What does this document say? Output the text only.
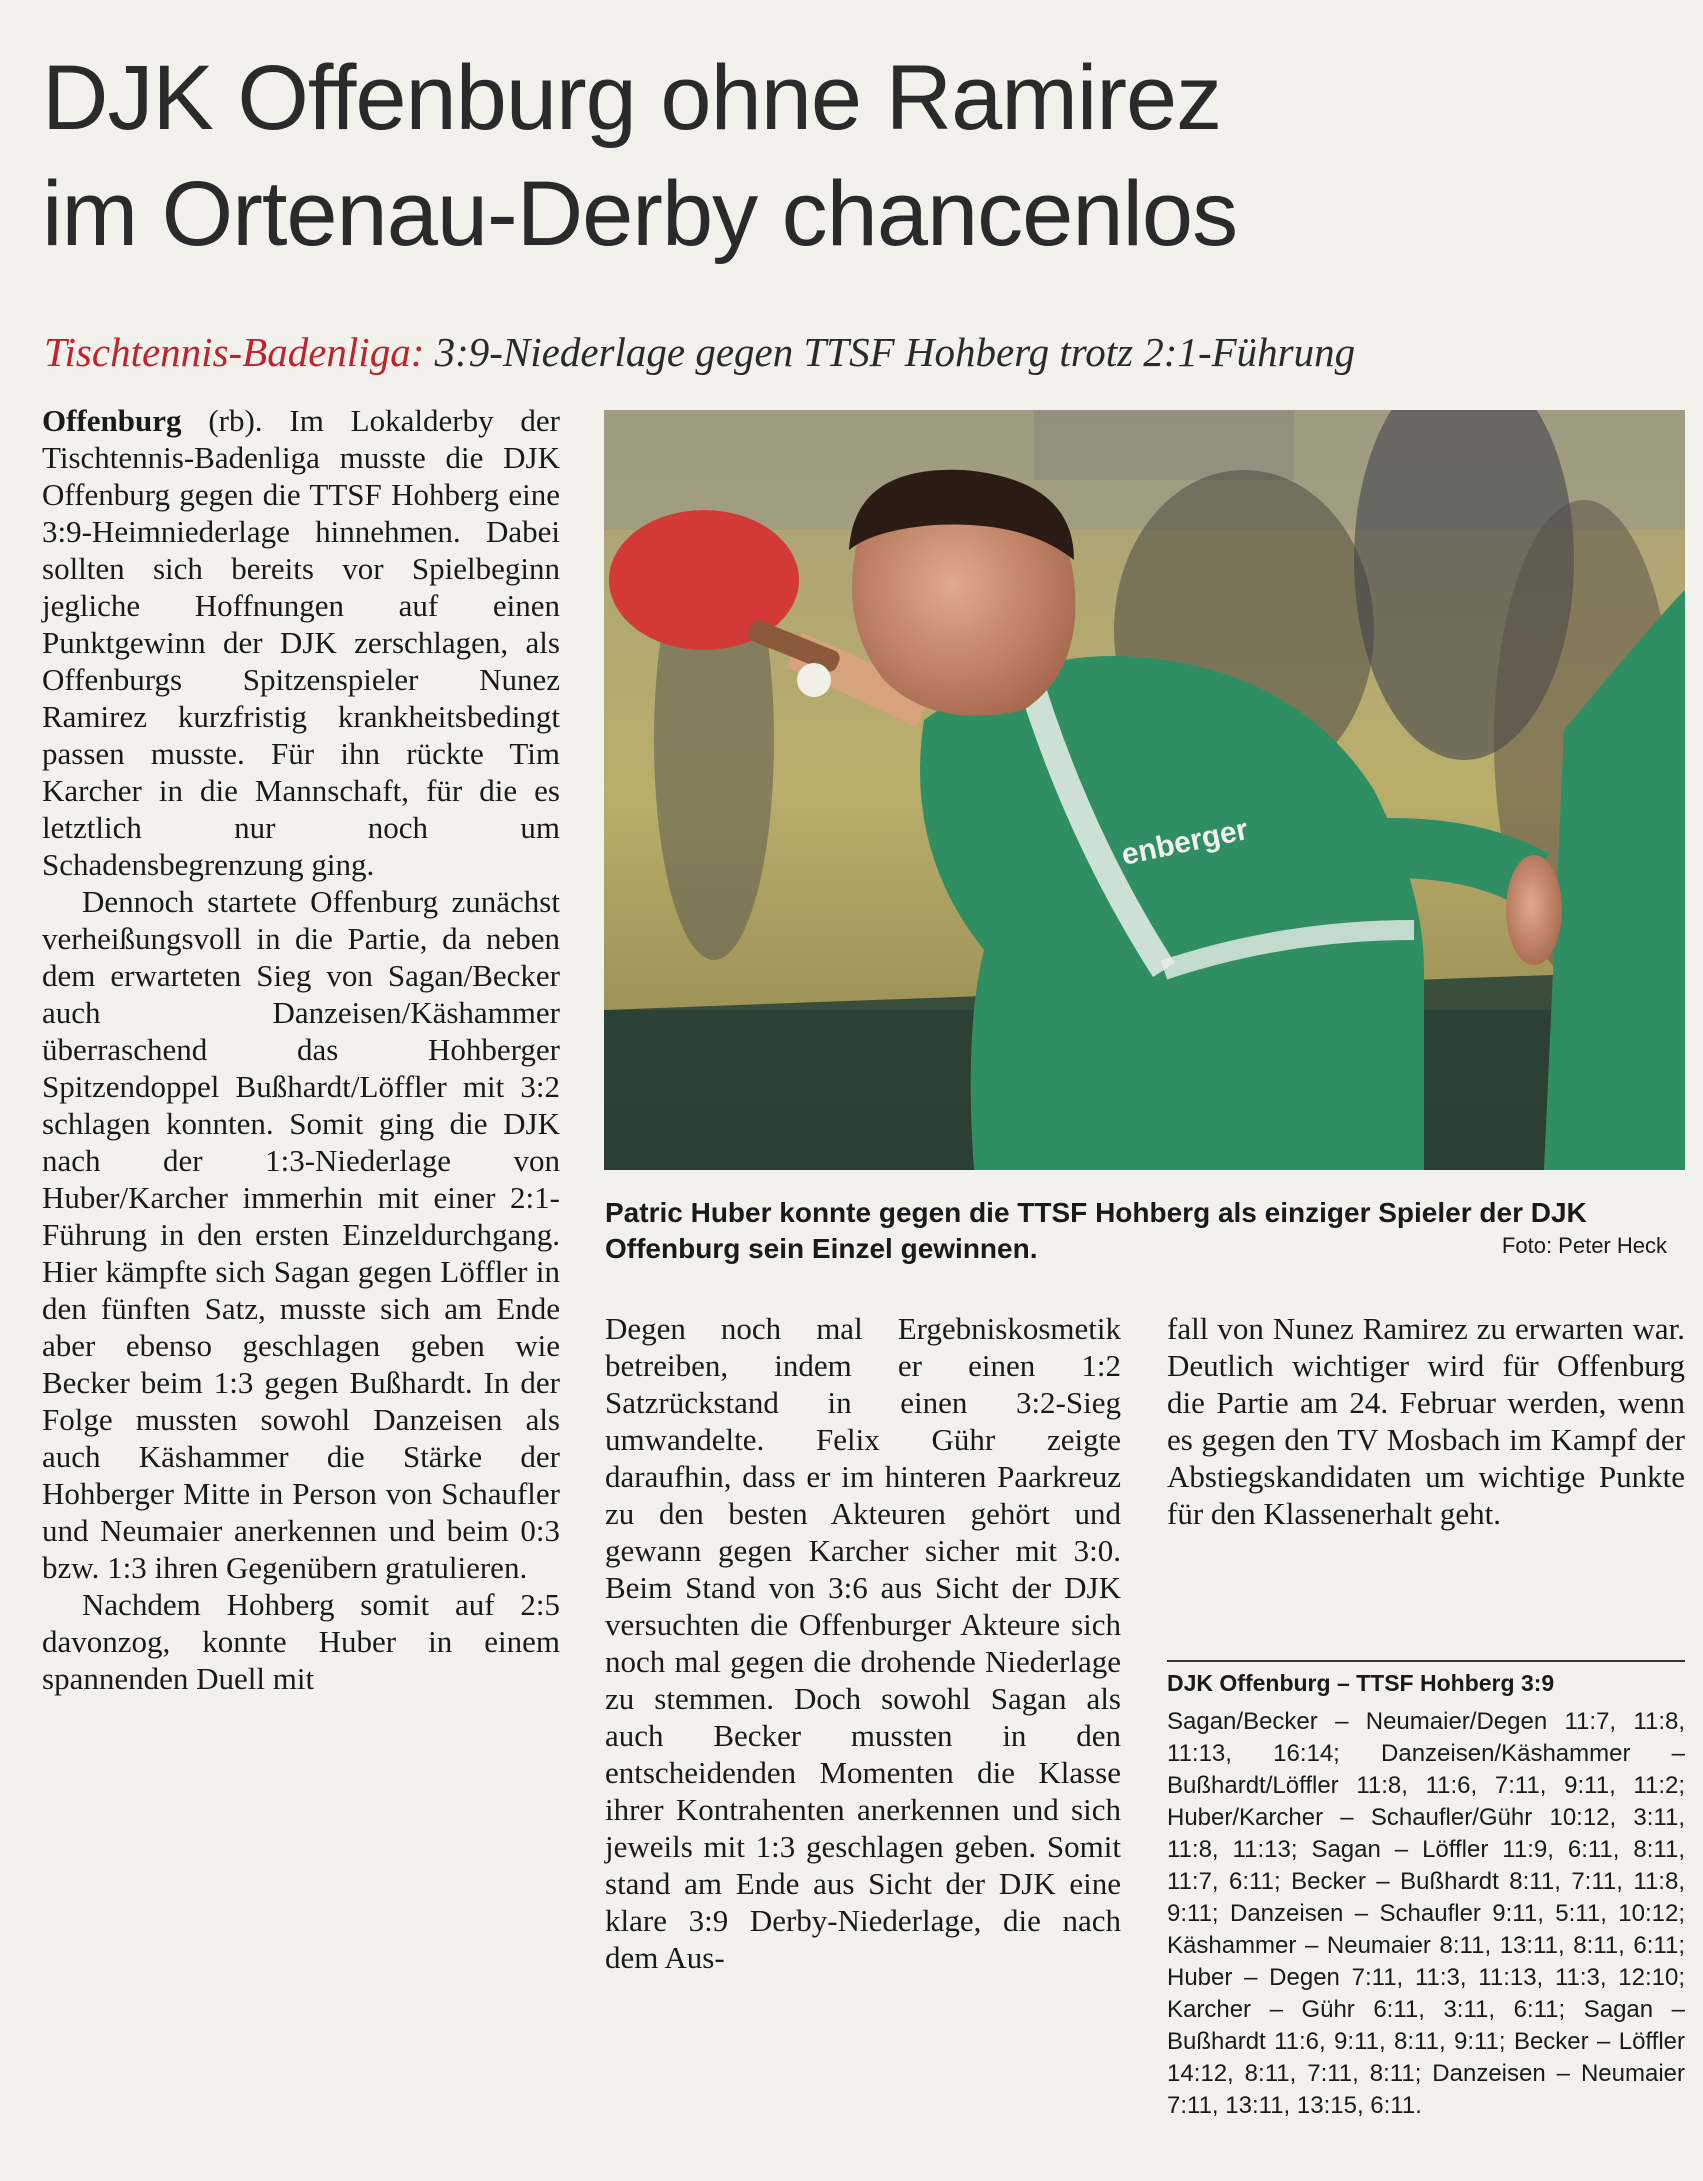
DJK Offenburg ohne Ramirez
im Ortenau-Derby chancenlos
Tischtennis-Badenliga: 3:9-Niederlage gegen TTSF Hohberg trotz 2:1-Führung

Offenburg (rb). Im Lokalderby der Tischtennis-Badenliga musste die DJK Offenburg gegen die TTSF Hohberg eine 3:9-Heimniederlage hinnehmen. Dabei sollten sich bereits vor Spielbeginn jegliche Hoffnungen auf einen Punktgewinn der DJK zerschlagen, als Offenburgs Spitzenspieler Nunez Ramirez kurzfristig krankheitsbedingt passen musste. Für ihn rückte Tim Karcher in die Mannschaft, für die es letztlich nur noch um Schadensbegrenzung ging.

Dennoch startete Offenburg zunächst verheißungsvoll in die Partie, da neben dem erwarteten Sieg von Sagan/Becker auch Danzeisen/Käshammer überraschend das Hohberger Spitzendoppel Bußhardt/Löffler mit 3:2 schlagen konnten. Somit ging die DJK nach der 1:3-Niederlage von Huber/Karcher immerhin mit einer 2:1-Führung in den ersten Einzeldurchgang. Hier kämpfte sich Sagan gegen Löffler in den fünften Satz, musste sich am Ende aber ebenso geschlagen geben wie Becker beim 1:3 gegen Bußhardt. In der Folge mussten sowohl Danzeisen als auch Käshammer die Stärke der Hohberger Mitte in Person von Schaufler und Neumaier anerkennen und beim 0:3 bzw. 1:3 ihren Gegenübern gratulieren.

Nachdem Hohberg somit auf 2:5 davonzog, konnte Huber in einem spannenden Duell mit

enberger
Patric Huber konnte gegen die TTSF Hohberg als einziger Spieler der DJK Offenburg sein Einzel gewinnen.	Foto: Peter Heck

Degen noch mal Ergebniskosmetik betreiben, indem er einen 1:2 Satzrückstand in einen 3:2-Sieg umwandelte. Felix Gühr zeigte daraufhin, dass er im hinteren Paarkreuz zu den besten Akteuren gehört und gewann gegen Karcher sicher mit 3:0. Beim Stand von 3:6 aus Sicht der DJK versuchten die Offenburger Akteure sich noch mal gegen die drohende Niederlage zu stemmen. Doch sowohl Sagan als auch Becker mussten in den entscheidenden Momenten die Klasse ihrer Kontrahenten anerkennen und sich jeweils mit 1:3 geschlagen geben. Somit stand am Ende aus Sicht der DJK eine klare 3:9 Derby-Niederlage, die nach dem Aus-

fall von Nunez Ramirez zu erwarten war. Deutlich wichtiger wird für Offenburg die Partie am 24. Februar werden, wenn es gegen den TV Mosbach im Kampf der Abstiegskandidaten um wichtige Punkte für den Klassenerhalt geht.

DJK Offenburg – TTSF Hohberg 3:9
Sagan/Becker – Neumaier/Degen 11:7, 11:8, 11:13, 16:14; Danzeisen/Käshammer – Bußhardt/Löffler 11:8, 11:6, 7:11, 9:11, 11:2; Huber/Karcher – Schaufler/Gühr 10:12, 3:11, 11:8, 11:13; Sagan – Löffler 11:9, 6:11, 8:11, 11:7, 6:11; Becker – Bußhardt 8:11, 7:11, 11:8, 9:11; Danzeisen – Schaufler 9:11, 5:11, 10:12; Käshammer – Neumaier 8:11, 13:11, 8:11, 6:11; Huber – Degen 7:11, 11:3, 11:13, 11:3, 12:10; Karcher – Gühr 6:11, 3:11, 6:11; Sagan – Bußhardt 11:6, 9:11, 8:11, 9:11; Becker – Löffler 14:12, 8:11, 7:11, 8:11; Danzeisen – Neumaier 7:11, 13:11, 13:15, 6:11.
